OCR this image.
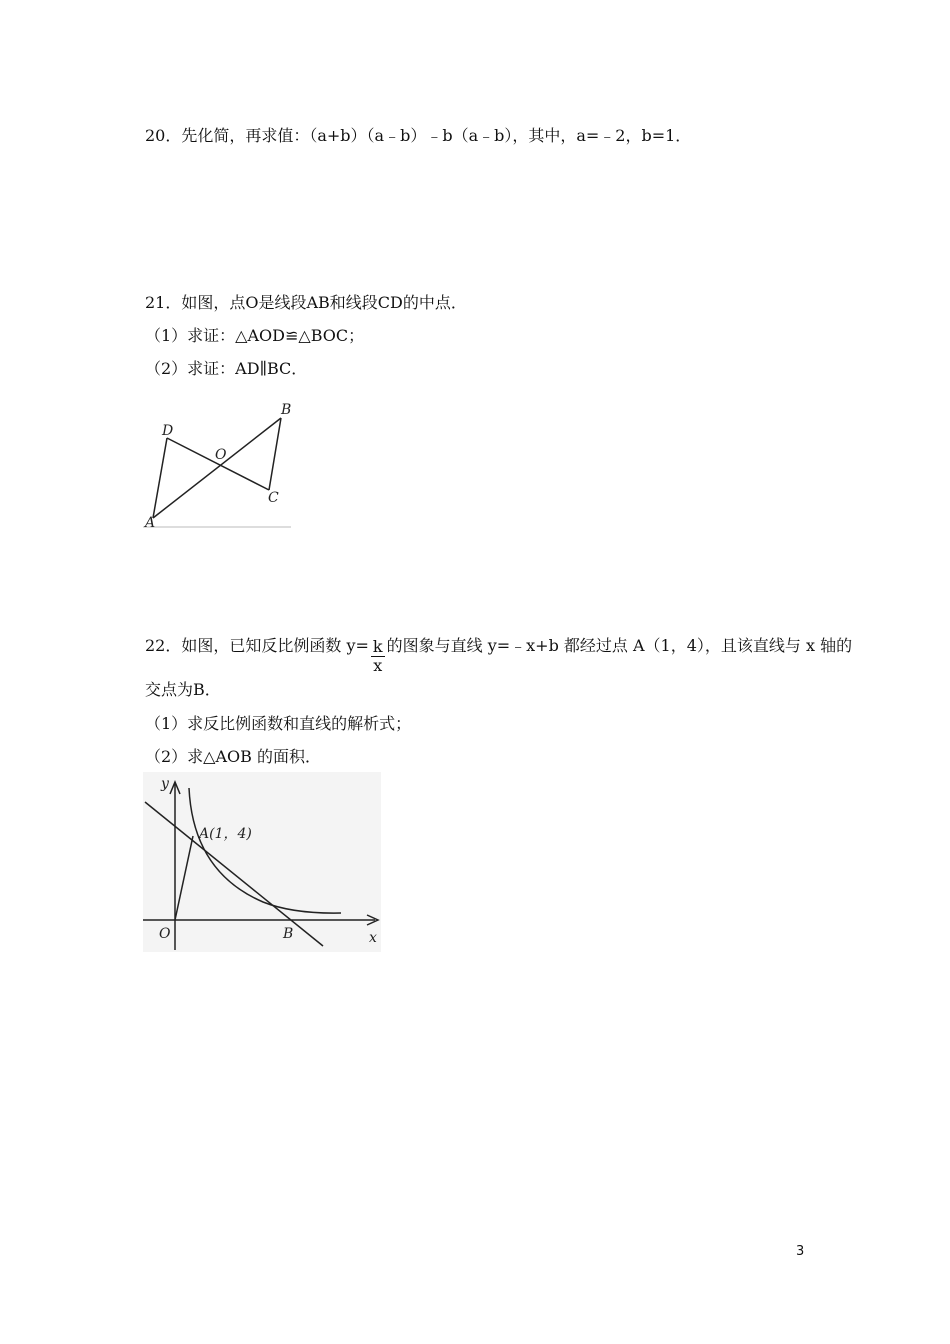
20．先化简，再求值：（a+b）（a﹣b）﹣b（a﹣b），其中，a=﹣2，b=1．
21．如图，点O是线段AB和线段CD的中点．
（1）求证：△AOD≌△BOC；
（2）求证：AD∥BC．
A
B
C
D
O
22．如图，已知反比例函数 $y= \frac{k}{x}$ 的图象与直线 y=﹣x+b 都经过点 A（1，4），且该直线与 x 轴的
交点为B．
（1）求反比例函数和直线的解析式；
（2）求△AOB 的面积．
y
x
O
A(1，4)
B
3
